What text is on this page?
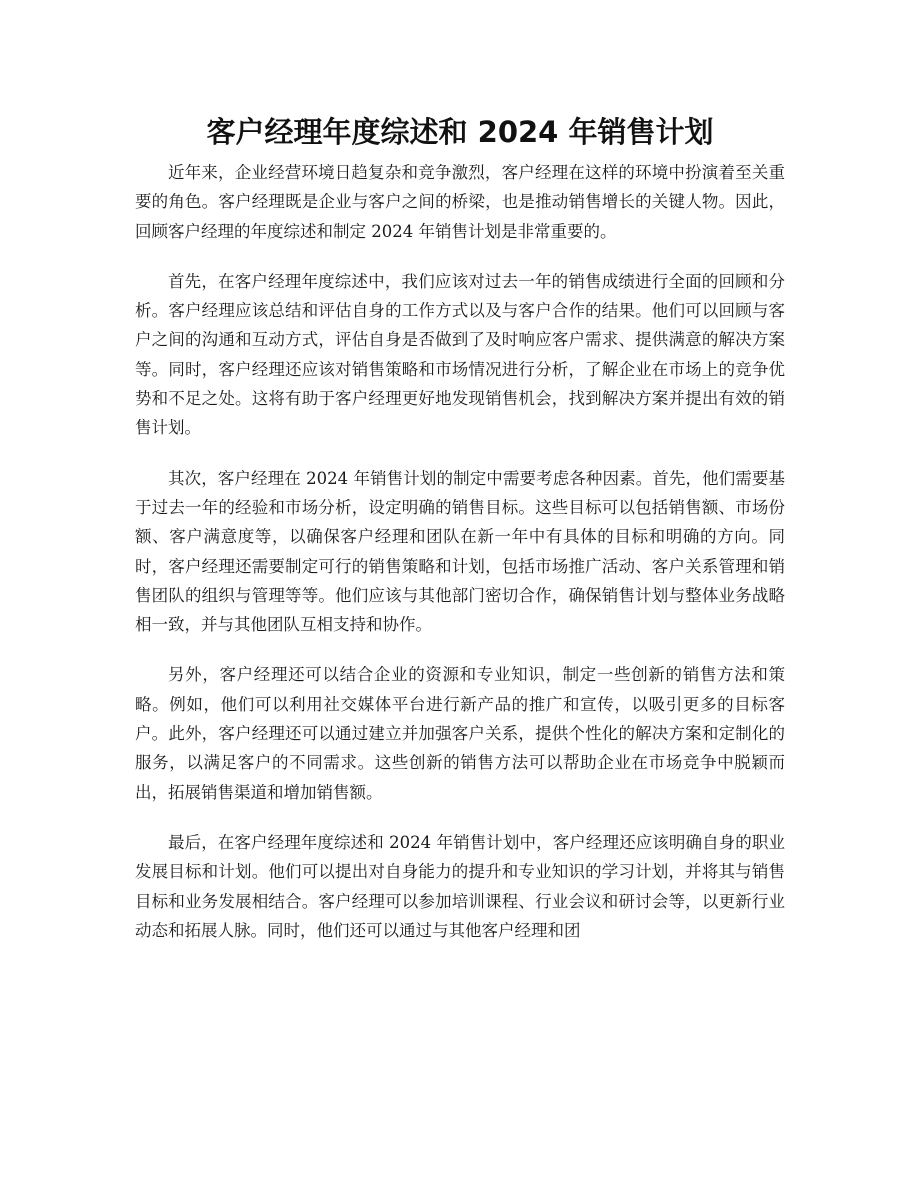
客户经理年度综述和 2024 年销售计划

近年来，企业经营环境日趋复杂和竞争激烈，客户经理在这样的环境中扮演着至关重要的角色。客户经理既是企业与客户之间的桥梁，也是推动销售增长的关键人物。因此，回顾客户经理的年度综述和制定 2024 年销售计划是非常重要的。

首先，在客户经理年度综述中，我们应该对过去一年的销售成绩进行全面的回顾和分析。客户经理应该总结和评估自身的工作方式以及与客户合作的结果。他们可以回顾与客户之间的沟通和互动方式，评估自身是否做到了及时响应客户需求、提供满意的解决方案等。同时，客户经理还应该对销售策略和市场情况进行分析，了解企业在市场上的竞争优势和不足之处。这将有助于客户经理更好地发现销售机会，找到解决方案并提出有效的销售计划。

其次，客户经理在 2024 年销售计划的制定中需要考虑各种因素。首先，他们需要基于过去一年的经验和市场分析，设定明确的销售目标。这些目标可以包括销售额、市场份额、客户满意度等，以确保客户经理和团队在新一年中有具体的目标和明确的方向。同时，客户经理还需要制定可行的销售策略和计划，包括市场推广活动、客户关系管理和销售团队的组织与管理等等。他们应该与其他部门密切合作，确保销售计划与整体业务战略相一致，并与其他团队互相支持和协作。

另外，客户经理还可以结合企业的资源和专业知识，制定一些创新的销售方法和策略。例如，他们可以利用社交媒体平台进行新产品的推广和宣传，以吸引更多的目标客户。此外，客户经理还可以通过建立并加强客户关系，提供个性化的解决方案和定制化的服务，以满足客户的不同需求。这些创新的销售方法可以帮助企业在市场竞争中脱颖而出，拓展销售渠道和增加销售额。

最后，在客户经理年度综述和 2024 年销售计划中，客户经理还应该明确自身的职业发展目标和计划。他们可以提出对自身能力的提升和专业知识的学习计划，并将其与销售目标和业务发展相结合。客户经理可以参加培训课程、行业会议和研讨会等，以更新行业动态和拓展人脉。同时，他们还可以通过与其他客户经理和团
